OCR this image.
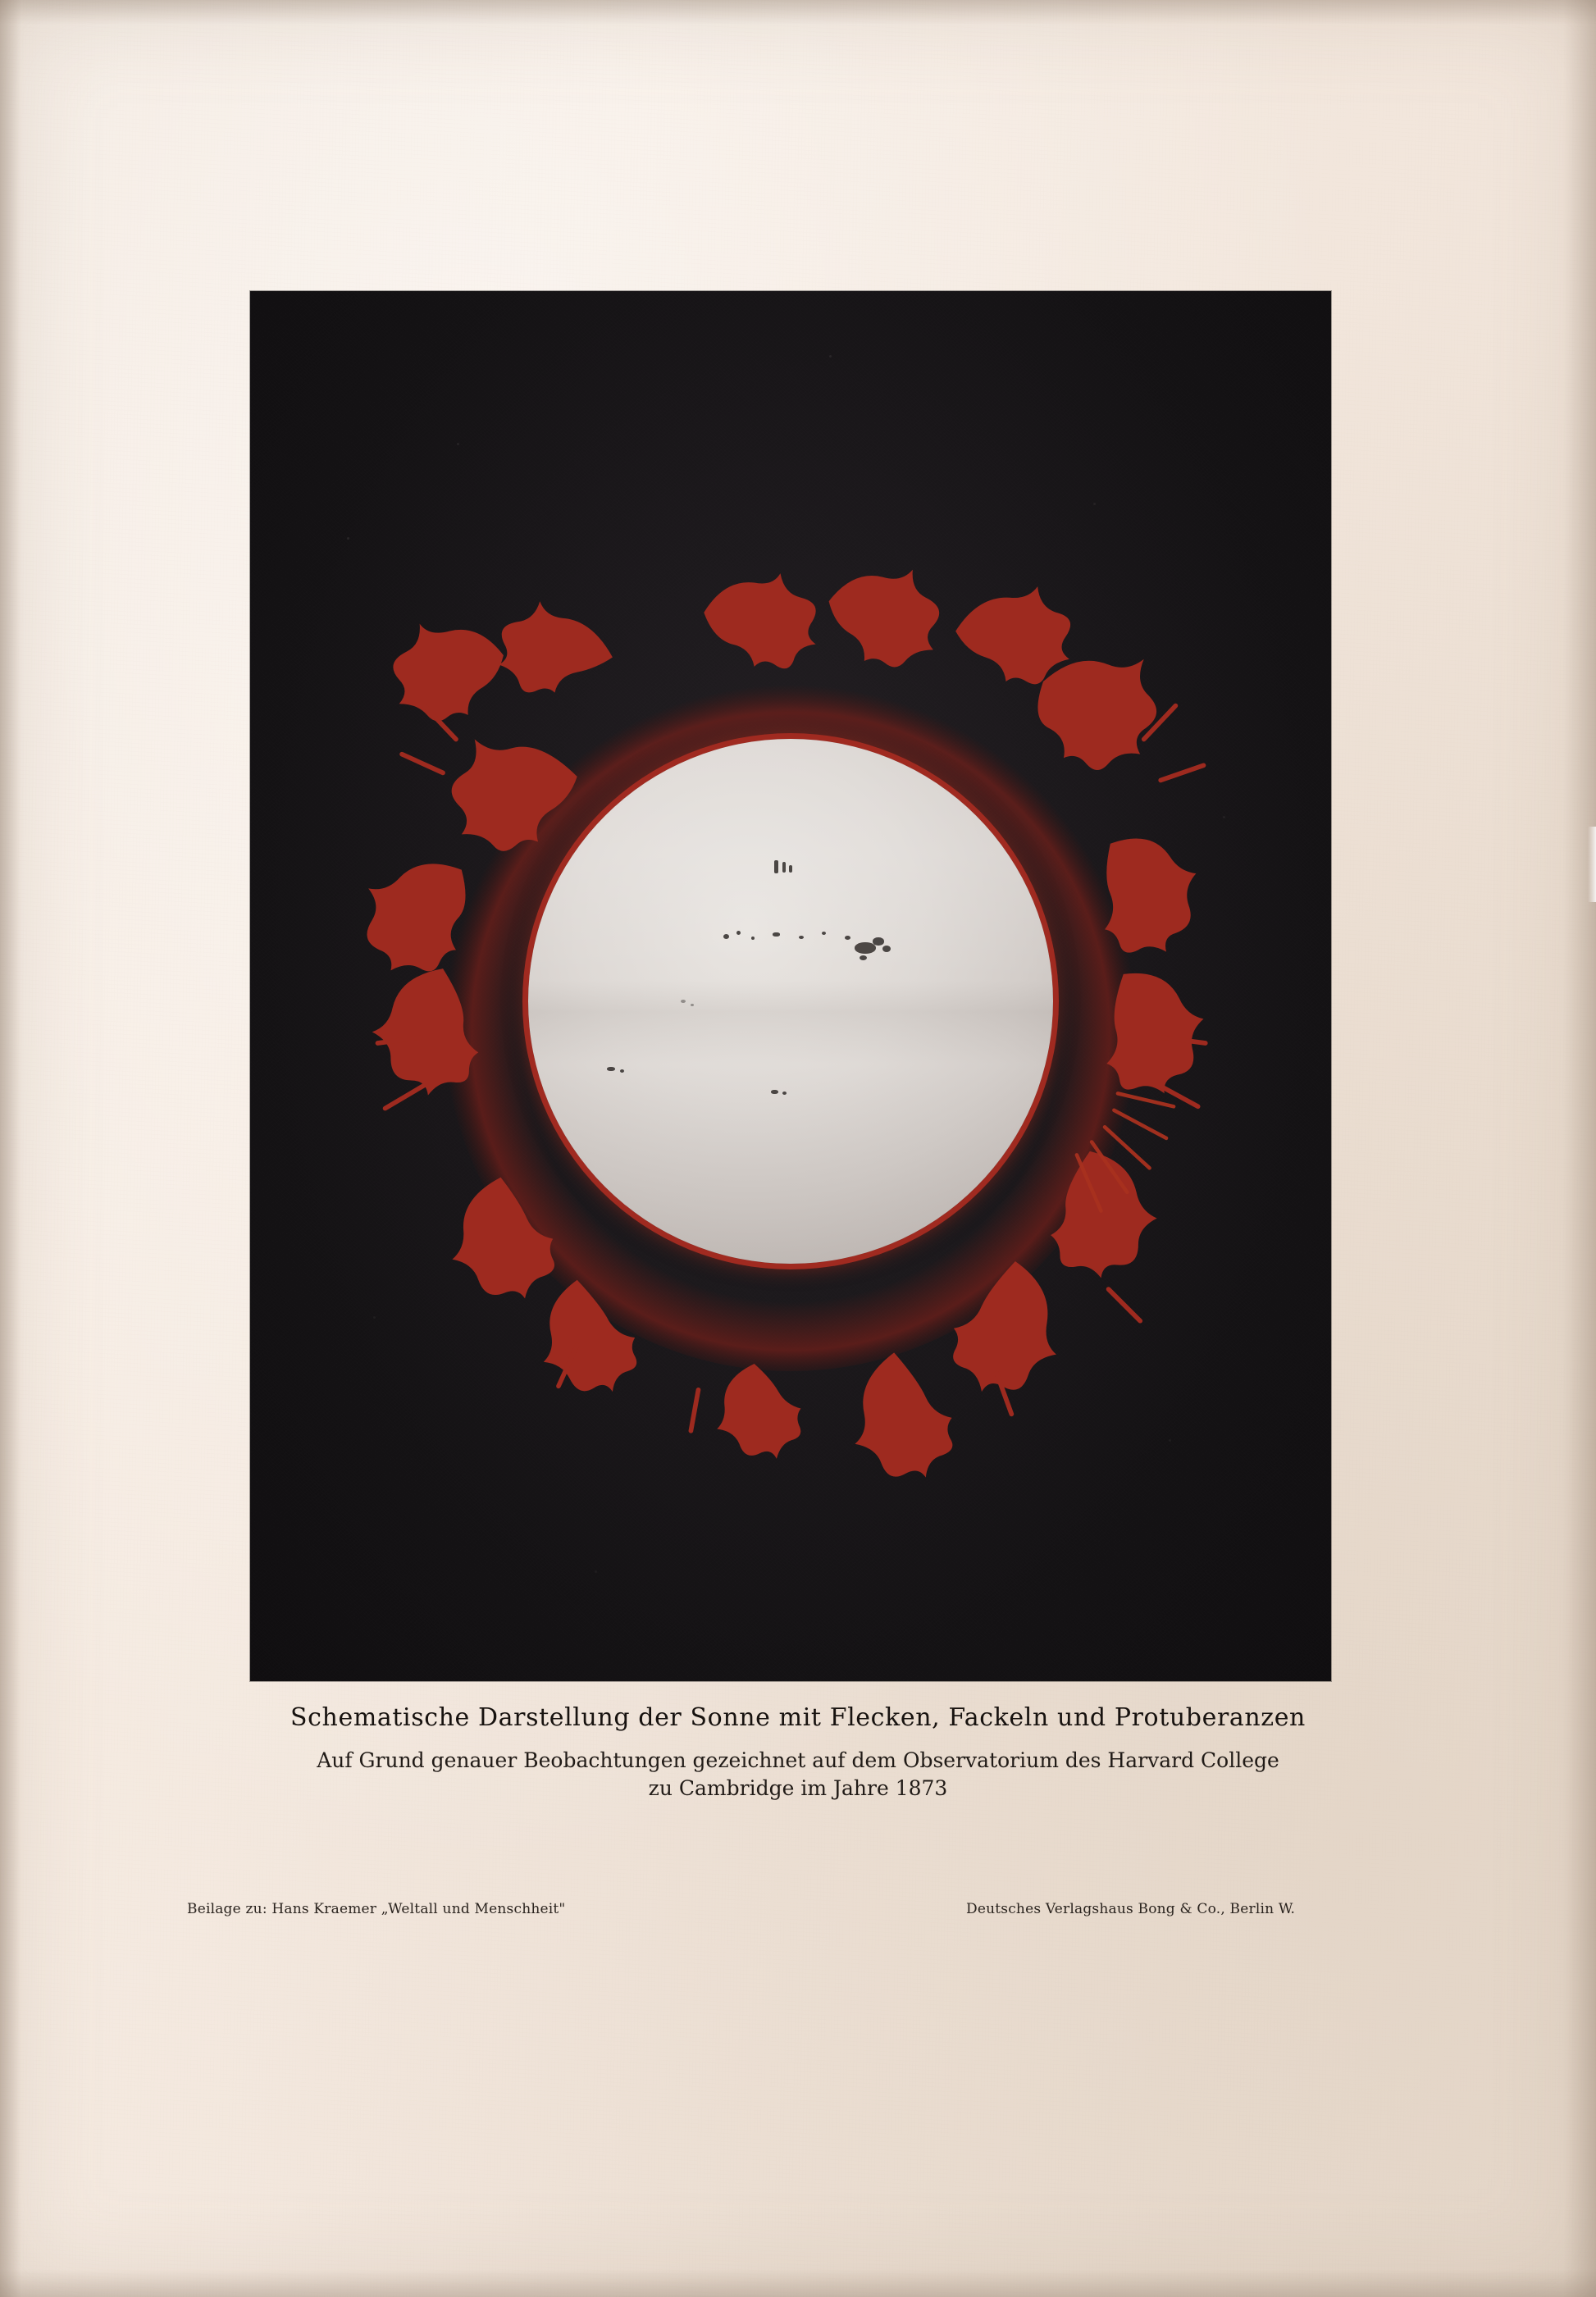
Schematische Darstellung der Sonne mit Flecken, Fackeln und Protuberanzen
Auf Grund genauer Beobachtungen gezeichnet auf dem Observatorium des Harvard College
zu Cambridge im Jahre 1873
Beilage zu: Hans Kraemer „Weltall und Menschheit"	Deutsches Verlagshaus Bong & Co., Berlin W.
